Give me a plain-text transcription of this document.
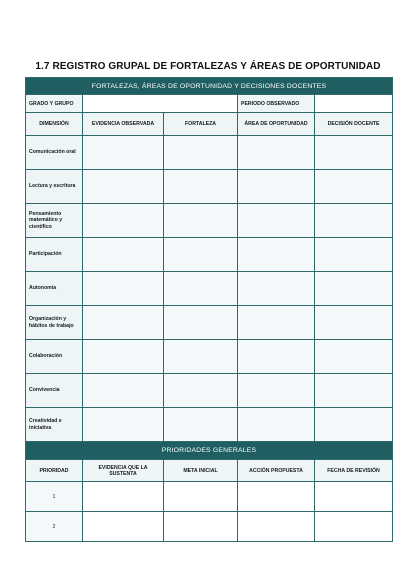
1.7 REGISTRO GRUPAL DE FORTALEZAS Y ÁREAS DE OPORTUNIDAD
FORTALEZAS, ÁREAS DE OPORTUNIDAD Y DECISIONES DOCENTES				
GRADO Y GRUPO			PERIODO OBSERVADO	
DIMENSIÓN	EVIDENCIA OBSERVADA	FORTALEZA	ÁREA DE OPORTUNIDAD	DECISIÓN DOCENTE
Comunicación oral				
Lectura y escritura				
Pensamiento matemático y científico				
Participación				
Autonomía				
Organización y hábitos de trabajo				
Colaboración				
Convivencia				
Creatividad e iniciativa				
PRIORIDADES GENERALES				
PRIORIDAD	EVIDENCIA QUE LA SUSTENTA	META INICIAL	ACCIÓN PROPUESTA	FECHA DE REVISIÓN
1				
2				
